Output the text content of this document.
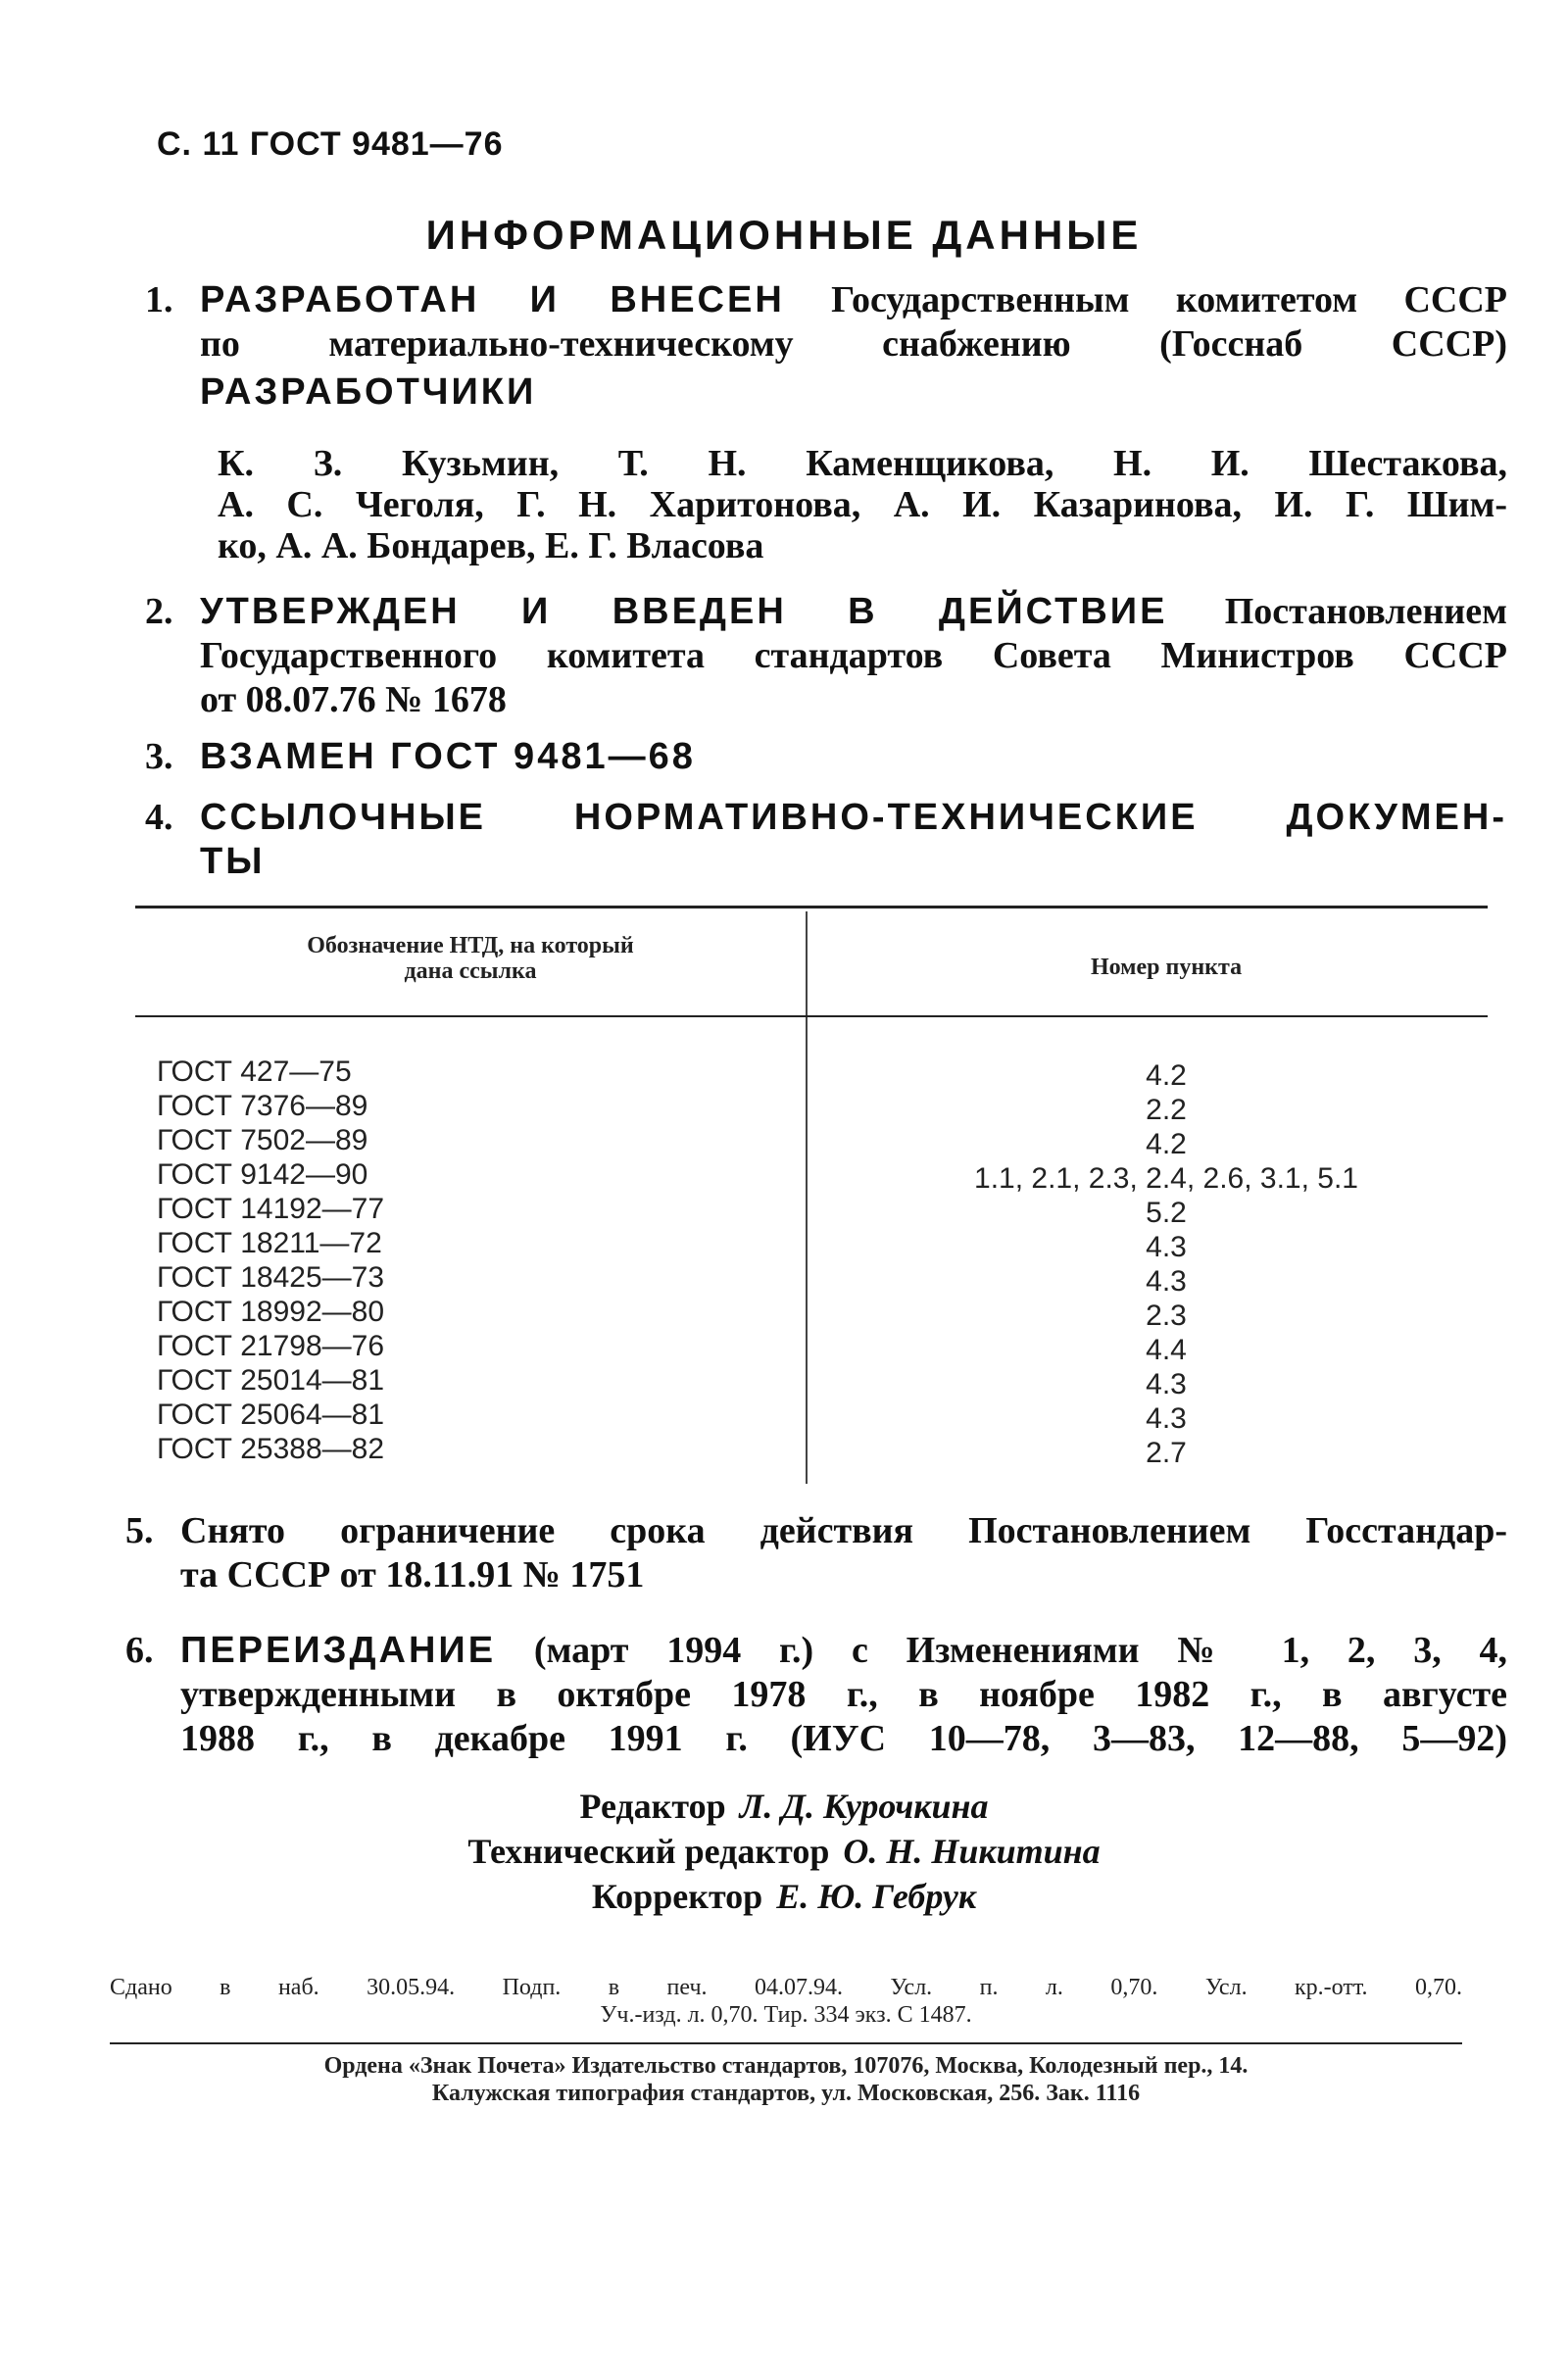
С. 11 ГОСТ 9481—76
ИНФОРМАЦИОННЫЕ ДАННЫЕ
1. РАЗРАБОТАН И ВНЕСЕН Государственным комитетом СССР
по материально-техническому снабжению (Госснаб СССР)
РАЗРАБОТЧИКИ
К. З. Кузьмин, Т. Н. Каменщикова, Н. И. Шестакова,
А. С. Чеголя, Г. Н. Харитонова, А. И. Казаринова, И. Г. Шим-
ко, А. А. Бондарев, Е. Г. Власова
2. УТВЕРЖДЕН И ВВЕДЕН В ДЕЙСТВИЕ Постановлением
Государственного комитета стандартов Совета Министров СССР
от 08.07.76 № 1678
3. ВЗАМЕН ГОСТ 9481—68
4. ССЫЛОЧНЫЕ НОРМАТИВНО-ТЕХНИЧЕСКИЕ ДОКУМЕН-
ТЫ
Обозначение НТД, на который
дана ссылка	Номер пункта
ГОСТ 427—75
ГОСТ 7376—89
ГОСТ 7502—89
ГОСТ 9142—90
ГОСТ 14192—77
ГОСТ 18211—72
ГОСТ 18425—73
ГОСТ 18992—80
ГОСТ 21798—76
ГОСТ 25014—81
ГОСТ 25064—81
ГОСТ 25388—82
4.2
2.2
4.2
1.1, 2.1, 2.3, 2.4, 2.6, 3.1, 5.1
5.2
4.3
4.3
2.3
4.4
4.3
4.3
2.7
5. Снято ограничение срока действия Постановлением Госстандар-
та СССР от 18.11.91 № 1751
6. ПЕРЕИЗДАНИЕ (март 1994 г.) с Изменениями № 1, 2, 3, 4,
утвержденными в октябре 1978 г., в ноябре 1982 г., в августе
1988 г., в декабре 1991 г. (ИУС 10—78, 3—83, 12—88, 5—92)
Редактор Л. Д. Курочкина
Технический редактор О. Н. Никитина
Корректор Е. Ю. Гебрук
Сдано в наб. 30.05.94. Подп. в печ. 04.07.94. Усл. п. л. 0,70. Усл. кр.-отт. 0,70.
Уч.-изд. л. 0,70. Тир. 334 экз. С 1487.
Ордена «Знак Почета» Издательство стандартов, 107076, Москва, Колодезный пер., 14.
Калужская типография стандартов, ул. Московская, 256. Зак. 1116
